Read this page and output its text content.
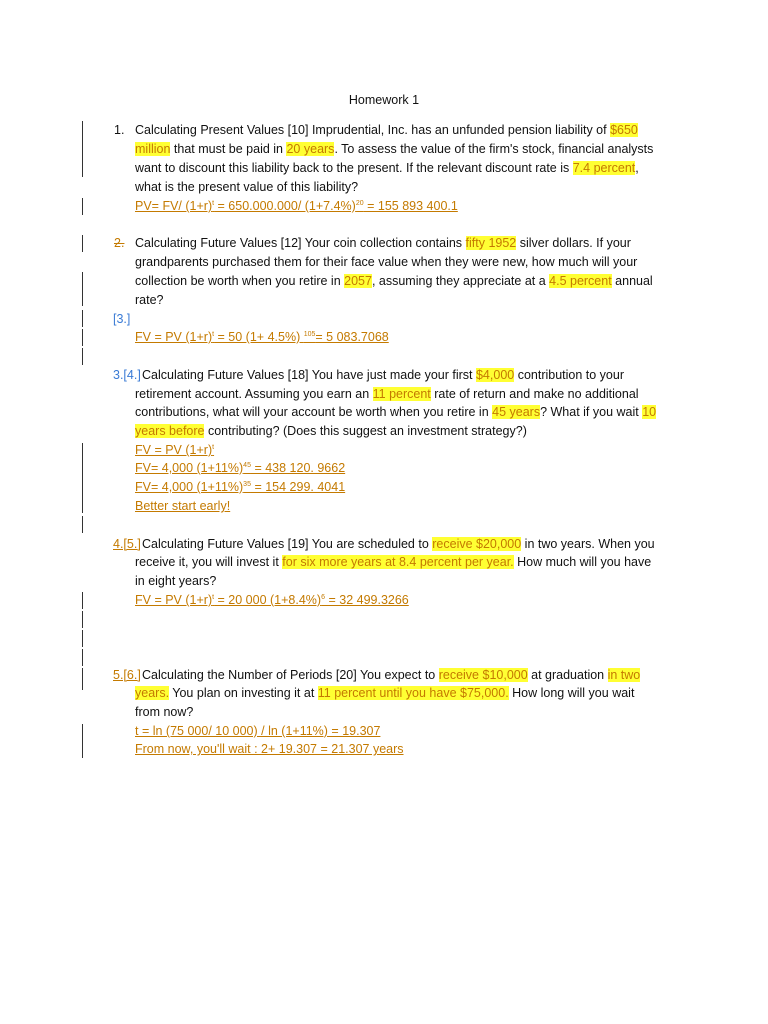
Homework 1
1. Calculating Present Values [10] Imprudential, Inc. has an unfunded pension liability of $650
million that must be paid in 20 years. To assess the value of the firm's stock, financial analysts
want to discount this liability back to the present. If the relevant discount rate is 7.4 percent,
what is the present value of this liability?
PV= FV/ $(1+r)^t = 650.000.000/$ $(1+7.4\%)^{20} = 155$ 893 400.1
2. Calculating Future Values [12] Your coin collection contains fifty 1952 silver dollars. If your
grandparents purchased them for their face value when they were new, how much will your
collection be worth when you retire in 2057, assuming they appreciate at a 4.5 percent annual
rate?
[3.]
FV = PV $(1+r)^t = 50$ (1+ 4.5%) $^{105}$= 5 083.7068
3.[4.] Calculating Future Values [18] You have just made your first $4,000 contribution to your
retirement account. Assuming you earn an 11 percent rate of return and make no additional
contributions, what will your account be worth when you retire in 45 years? What if you wait 10
years before contributing? (Does this suggest an investment strategy?)
FV = PV $(1+r)^t$
FV= 4,000 $(1+11\%)^{45} = 438$ 120. 9662
FV= 4,000 $(1+11\%)^{35} = 154$ 299. 4041
Better start early!
4.[5.] Calculating Future Values [19] You are scheduled to receive $20,000 in two years. When you
receive it, you will invest it for six more years at 8.4 percent per year. How much will you have
in eight years?
FV = PV $(1+r)^t = 20$ 000 $(1+8.4\%)^6 = 32$ 499.3266
5.[6.] Calculating the Number of Periods [20] You expect to receive $10,000 at graduation in two
years. You plan on investing it at 11 percent until you have $75,000. How long will you wait
from now?
t = ln (75 000/ 10 000) / ln (1+11%) = 19.307
From now, you'll wait : 2+ 19.307 = 21.307 years
